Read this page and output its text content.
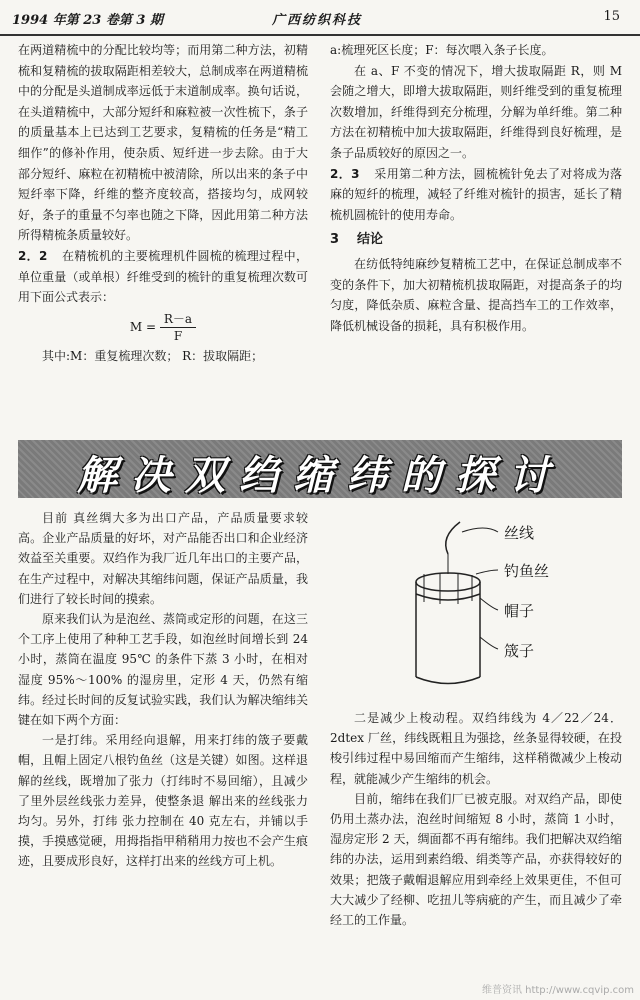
1994 年第 23 卷第 3 期	广西纺织科技	15

在两道精梳中的分配比较均等；而用第二种方法，初精梳和复精梳的拔取隔距相差较大，总制成率在两道精梳中的分配是头道制成率远低于末道制成率。换句话说，在头道精梳中，大部分短纤和麻粒被一次性梳下，条子的质量基本上已达到工艺要求，复精梳的任务是“精工细作”的修补作用，使杂质、短纤进一步去除。由于大部分短纤、麻粒在初精梳中被清除，所以出来的条子中短纤率下降，纤维的整齐度较高，搭接均匀，成网较好，条子的重量不匀率也随之下降，因此用第二种方法所得精梳条质量较好。

2．2 在精梳机的主要梳理机件圆梳的梳理过程中，单位重量（或单根）纤维受到的梳针的重复梳理次数可用下面公式表示：

$M = \frac{R-a}{F}$

其中:M：重复梳理次数； R：拔取隔距；

a:梳理死区长度；F：每次喂入条子长度。

在 a、F 不变的情况下，增大拔取隔距 R，则 M 会随之增大，即增大拔取隔距，则纤维受到的重复梳理次数增加，纤维得到充分梳理，分解为单纤维。第二种方法在初精梳中加大拔取隔距，纤维得到良好梳理，是条子品质较好的原因之一。

2．3 采用第二种方法，圆梳梳针免去了对将成为落麻的短纤的梳理，减轻了纤维对梳针的损害，延长了精梳机圆梳针的使用寿命。

3 结论

在纺低特纯麻纱复精梳工艺中，在保证总制成率不变的条件下，加大初精梳机拔取隔距，对提高条子的均匀度，降低杂质、麻粒含量、提高挡车工的工作效率，降低机械设备的损耗，具有积极作用。

解决双绉缩纬的探讨

目前 真丝绸大多为出口产品，产品质量要求较高。企业产品质量的好坏，对产品能否出口和企业经济效益至关重要。双绉作为我厂近几年出口的主要产品，在生产过程中，对解决其缩纬问题，保证产品质量，我们进行了较长时间的摸索。

原来我们认为是泡丝、蒸筒或定形的问题，在这三个工序上使用了种种工艺手段，如泡丝时间增长到 24 小时，蒸筒在温度 95℃ 的条件下蒸 3 小时，在相对湿度 95%～100% 的湿房里，定形 4 天，仍然有缩纬。经过长时间的反复试验实践，我们认为解决缩纬关键在如下两个方面：

一是打纬。采用经向退解，用来打纬的筬子要戴帽，且帽上固定八根钓鱼丝（这是关键）如图。这样退解的丝线，既增加了张力（打纬时不易回缩），且减少了里外层丝线张力差异，使整条退 解出来的丝线张力均匀。另外，打纬 张力控制在 40 克左右，并铺以手摸，手摸感觉硬，用拇指指甲稍稍用力按也不会产生痕迹，且要成形良好，这样打出来的丝线方可上机。

丝线
钓鱼丝
帽子
筬子

二是减少上梭动程。双绉纬线为 4／22／24．2dtex 厂丝，纬线既粗且为强捻，丝条显得较硬，在投梭引纬过程中易回缩而产生缩纬，这样稍微减少上梭动程，就能减少产生缩纬的机会。

目前，缩纬在我们厂已被克服。对双绉产品，即使仍用土蒸办法，泡丝时间缩短 8 小时，蒸筒 1 小时，湿房定形 2 天，绸面都不再有缩纬。我们把解决双绉缩纬的办法，运用到素绉缎、绢类等产品，亦获得较好的效果；把筬子戴帽退解应用到牵经上效果更佳，不但可大大减少了经柳、吃扭儿等病疵的产生，而且减少了牵经工的工作量。

维普资讯 http://www.cqvip.com
